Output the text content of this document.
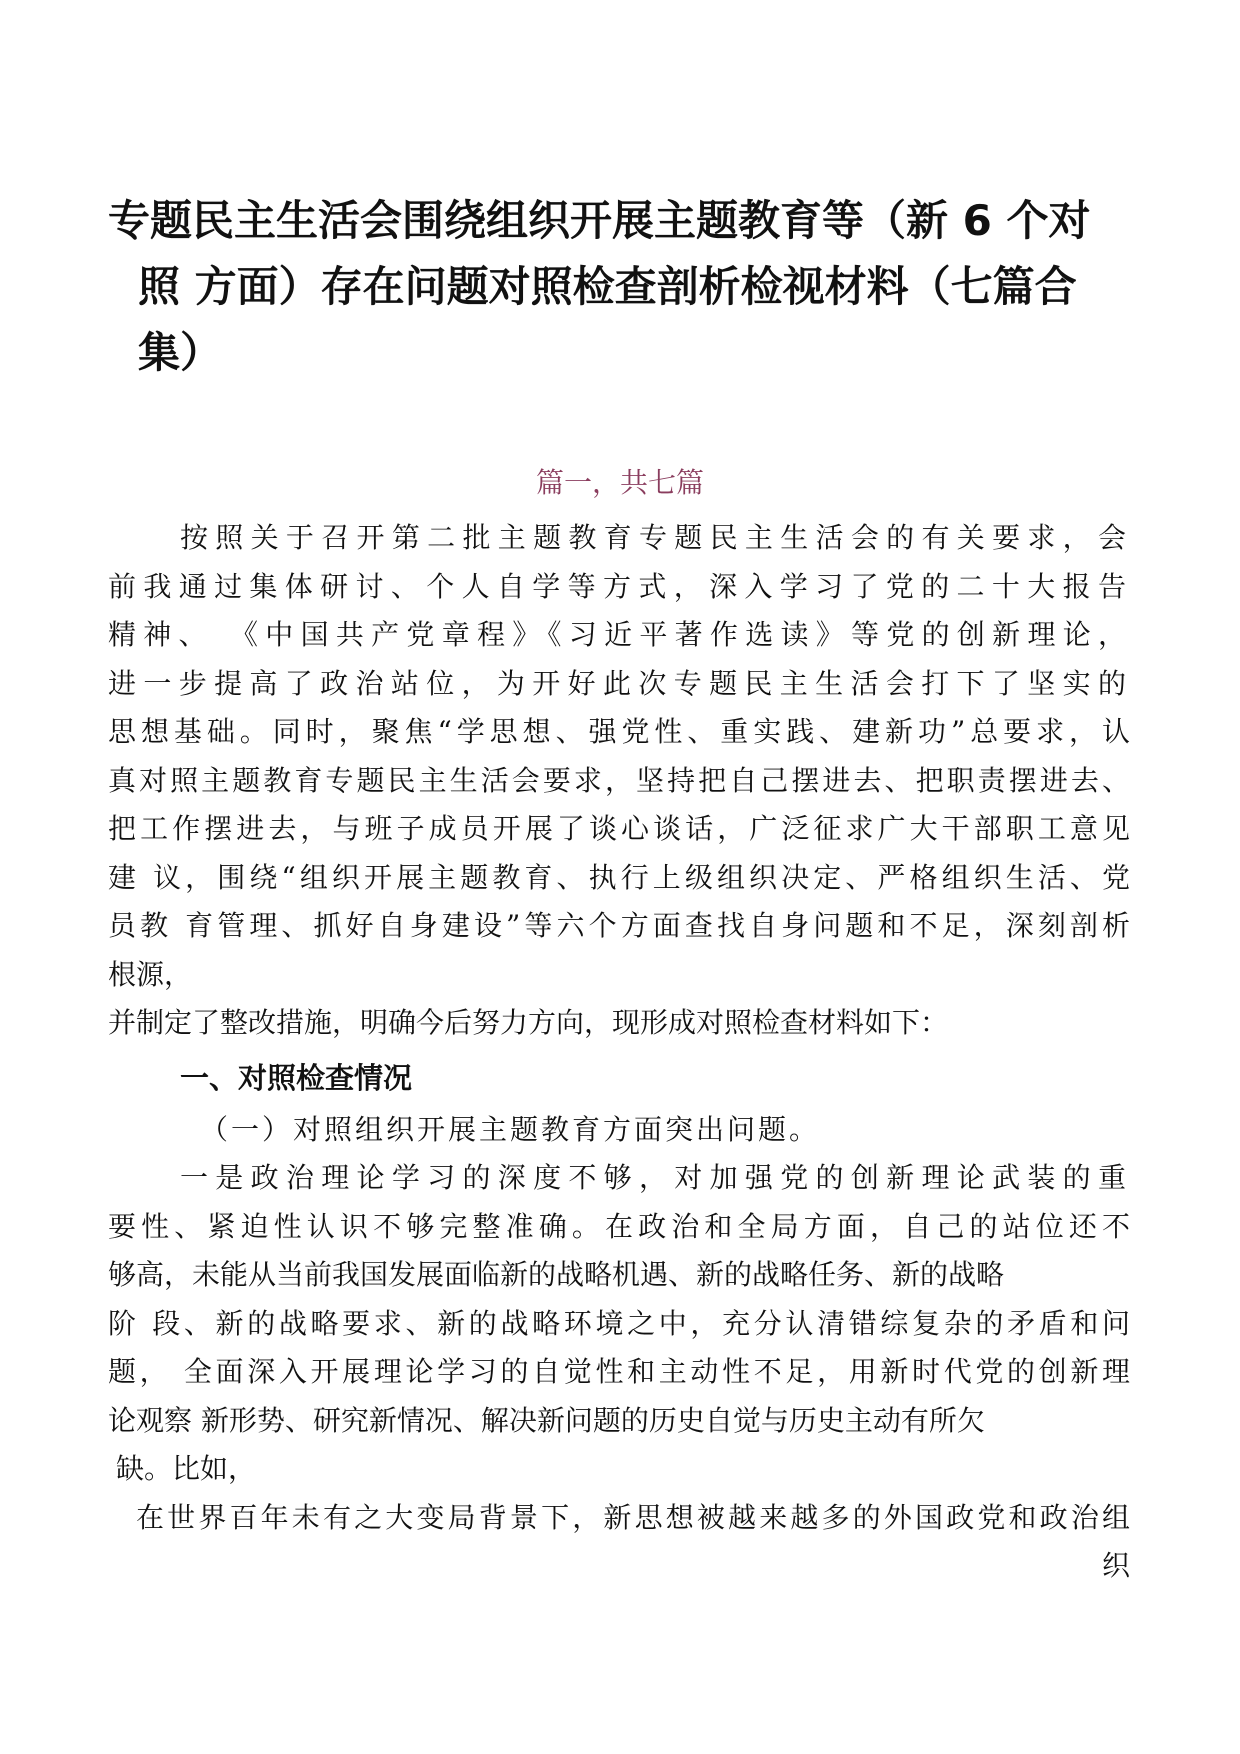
专题民主生活会围绕组织开展主题教育等（新 6 个对
照 方面）存在问题对照检查剖析检视材料（七篇合
集）

篇一，共七篇

按照关于召开第二批主题教育专题民主生活会的有关要求，会
前我通过集体研讨、个人自学等方式，深入学习了党的二十大报告
精神、 《中国共产党章程》《习近平著作选读》等党的创新理论，
进一步提高了政治站位，为开好此次专题民主生活会打下了坚实的
思想基础。同时，聚焦“学思想、强党性、重实践、建新功”总要求，认
真对照主题教育专题民主生活会要求，坚持把自己摆进去、把职责摆进去、
把工作摆进去，与班子成员开展了谈心谈话，广泛征求广大干部职工意见
建 议，围绕“组织开展主题教育、执行上级组织决定、严格组织生活、党
员教 育管理、抓好自身建设”等六个方面查找自身问题和不足，深刻剖析
根源，
并制定了整改措施，明确今后努力方向，现形成对照检查材料如下：
一、对照检查情况
（一）对照组织开展主题教育方面突出问题。
一是政治理论学习的深度不够，对加强党的创新理论武装的重
要性、紧迫性认识不够完整准确。在政治和全局方面，自己的站位还不
够高，未能从当前我国发展面临新的战略机遇、新的战略任务、新的战略
阶 段、新的战略要求、新的战略环境之中，充分认清错综复杂的矛盾和问
题， 全面深入开展理论学习的自觉性和主动性不足，用新时代党的创新理
论观察 新形势、研究新情况、解决新问题的历史自觉与历史主动有所欠
缺。比如，
在世界百年未有之大变局背景下，新思想被越来越多的外国政党和政治组
织
